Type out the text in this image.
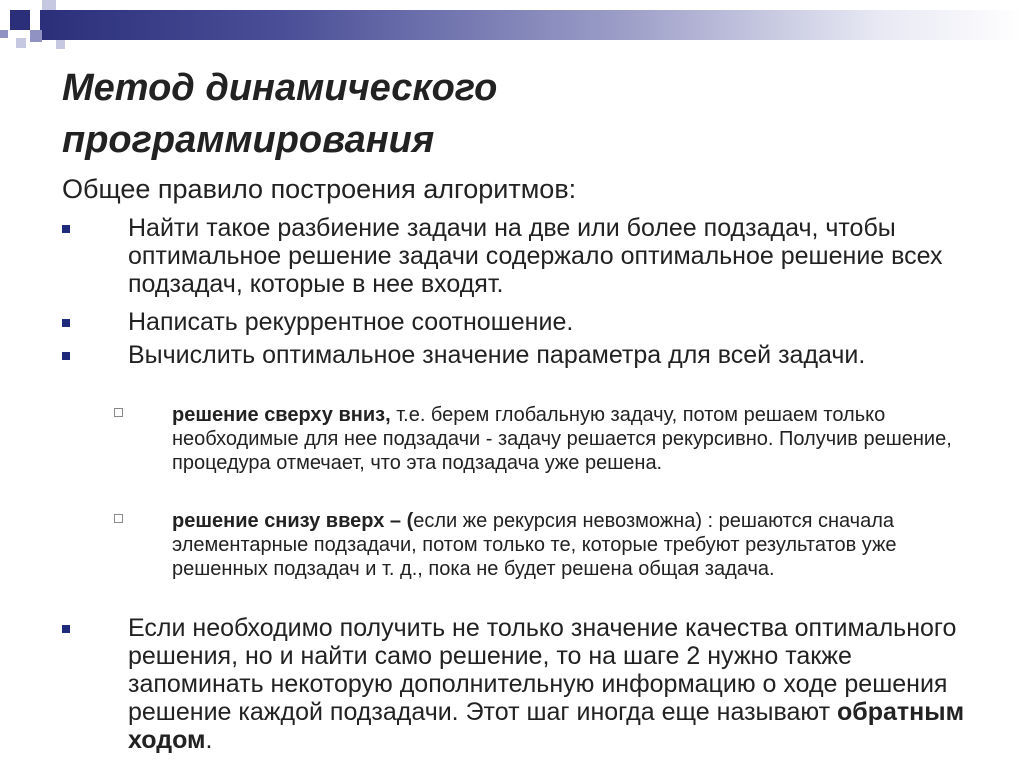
Метод динамического
программирования
Общее правило построения алгоритмов:
Найти такое разбиение задачи на две или более подзадач, чтобы оптимальное решение задачи содержало оптимальное решение всех подзадач, которые в нее входят.
Написать рекуррентное соотношение.
Вычислить оптимальное значение параметра для всей задачи.
решение сверху вниз, т.е. берем глобальную задачу, потом решаем только необходимые для нее подзадачи - задачу решается рекурсивно. Получив решение, процедура отмечает, что эта подзадача уже решена.
решение снизу вверх – (если же рекурсия невозможна) : решаются сначала элементарные подзадачи, потом только те, которые требуют результатов уже решенных подзадач и т. д., пока не будет решена общая задача.
Если необходимо получить не только значение качества оптимального решения, но и найти само решение, то на шаге 2 нужно также запоминать некоторую дополнительную информацию о ходе решения решение каждой подзадачи. Этот шаг иногда еще называют обратным ходом.
